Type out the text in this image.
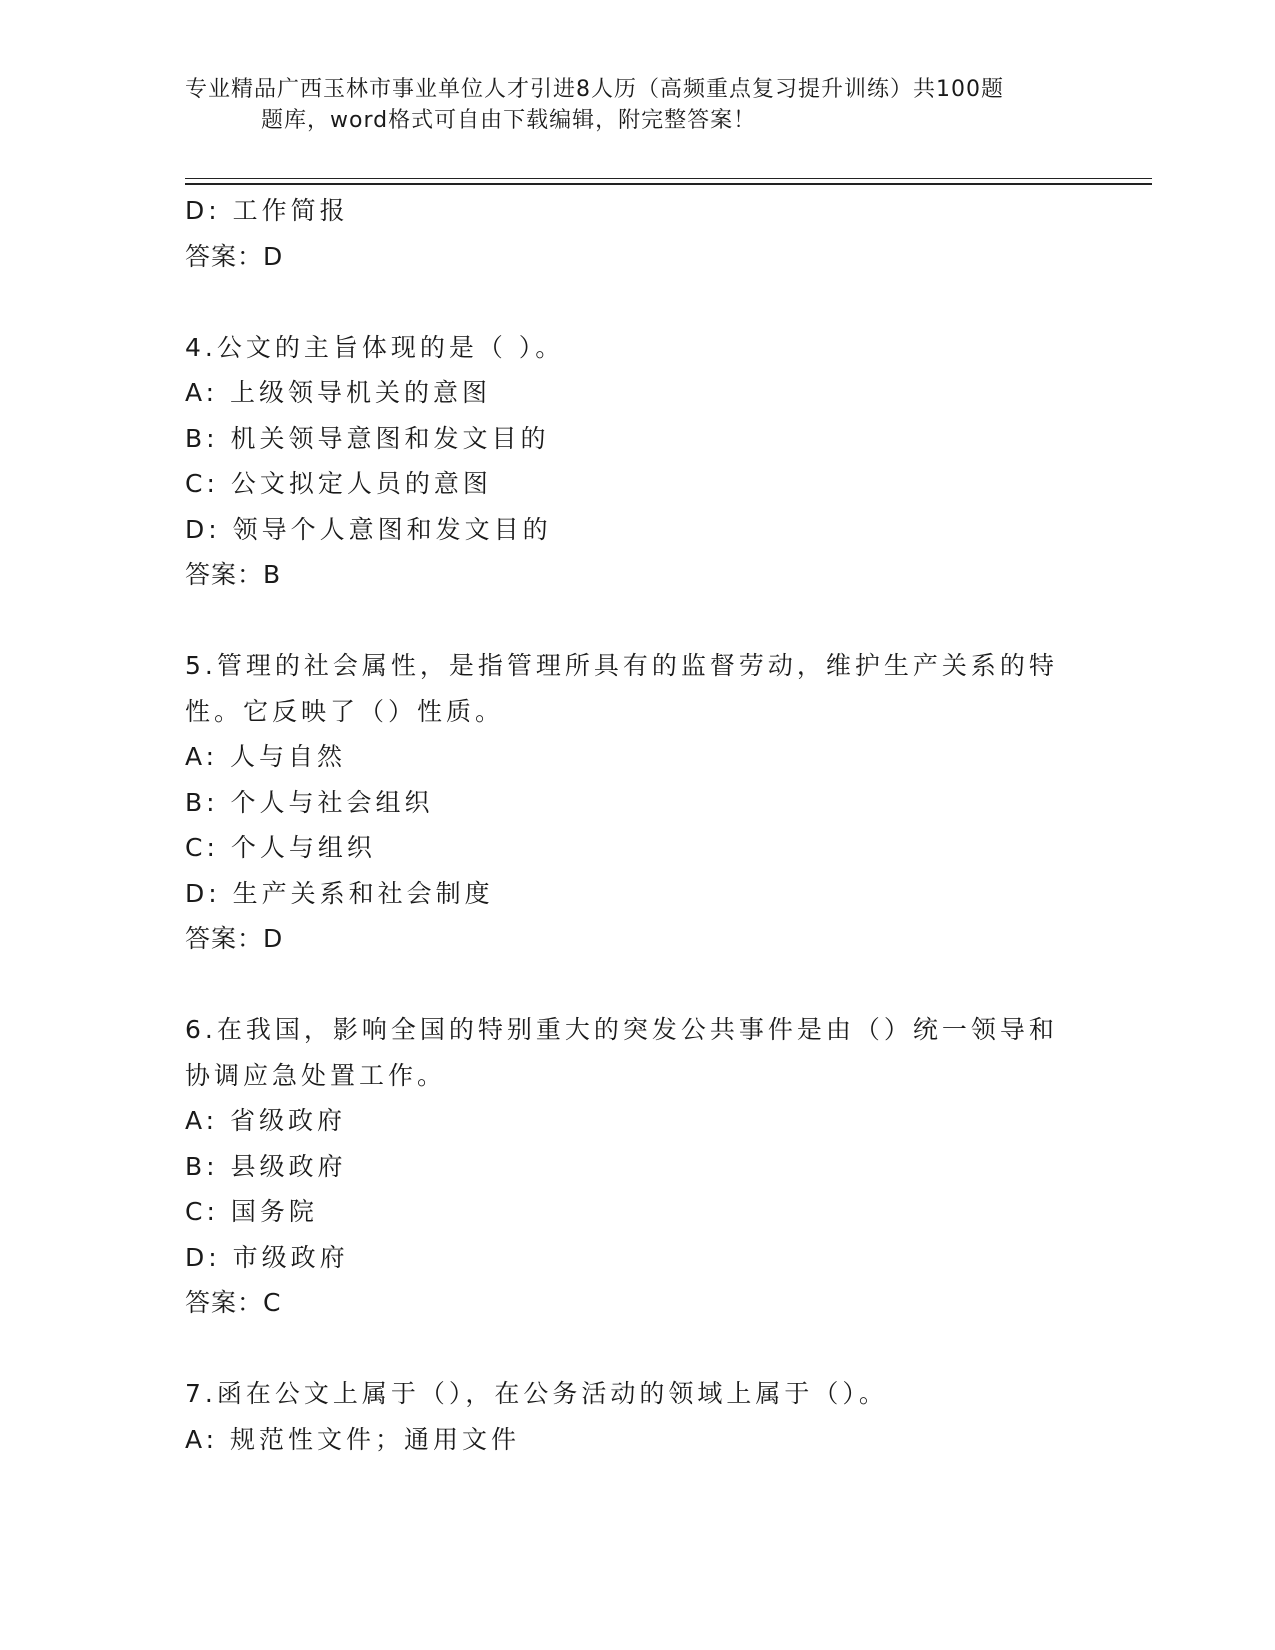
专业精品广西玉林市事业单位人才引进8人历（高频重点复习提升训练）共100题
题库，word格式可自由下载编辑，附完整答案！
D: 工作简报
答案：D
4.公文的主旨体现的是（ ）。
A: 上级领导机关的意图
B: 机关领导意图和发文目的
C: 公文拟定人员的意图
D: 领导个人意图和发文目的
答案：B
5.管理的社会属性，是指管理所具有的监督劳动，维护生产关系的特
性。它反映了（）性质。
A: 人与自然
B: 个人与社会组织
C: 个人与组织
D: 生产关系和社会制度
答案：D
6.在我国，影响全国的特别重大的突发公共事件是由（）统一领导和
协调应急处置工作。
A: 省级政府
B: 县级政府
C: 国务院
D: 市级政府
答案：C
7.函在公文上属于（），在公务活动的领域上属于（）。
A: 规范性文件；通用文件
